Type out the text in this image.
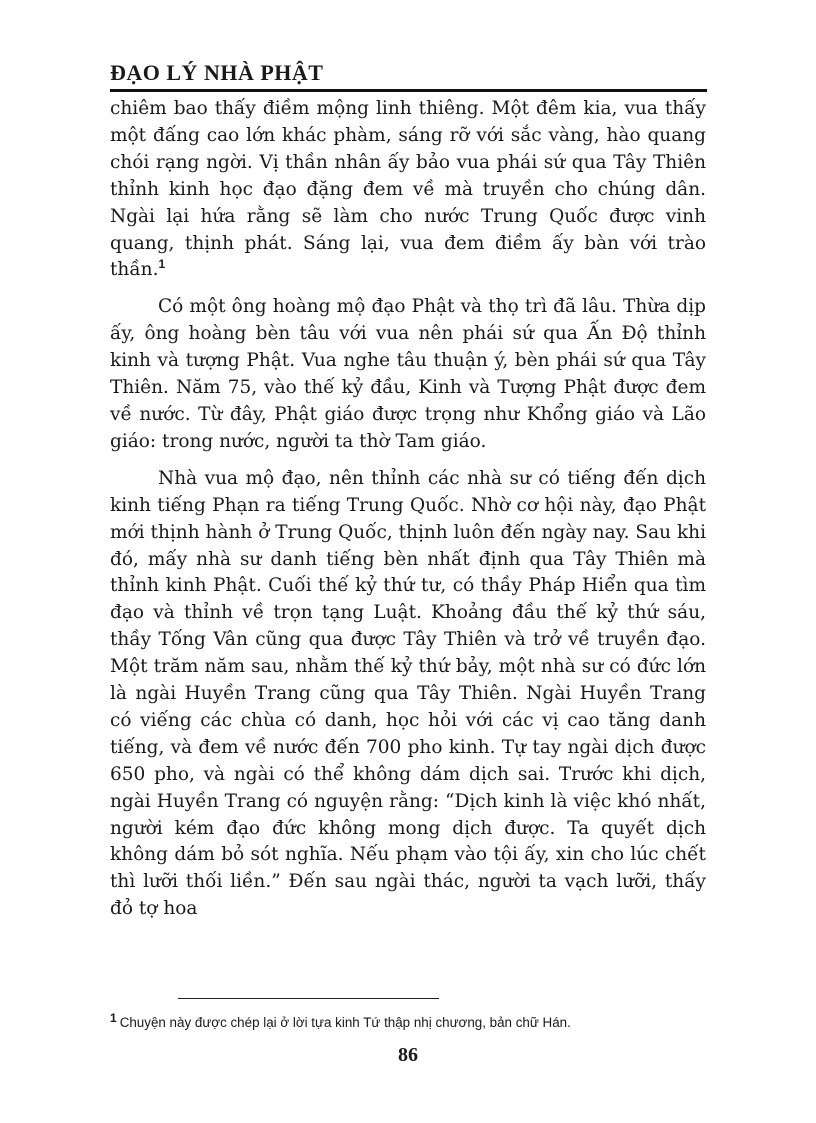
ĐẠO LÝ NHÀ PHẬT

chiêm bao thấy điềm mộng linh thiêng. Một đêm kia, vua thấy một đấng cao lớn khác phàm, sáng rỡ với sắc vàng, hào quang chói rạng ngời. Vị thần nhân ấy bảo vua phái sứ qua Tây Thiên thỉnh kinh học đạo đặng đem về mà truyền cho chúng dân. Ngài lại hứa rằng sẽ làm cho nước Trung Quốc được vinh quang, thịnh phát. Sáng lại, vua đem điềm ấy bàn với trào thần.$^1$

Có một ông hoàng mộ đạo Phật và thọ trì đã lâu. Thừa dịp ấy, ông hoàng bèn tâu với vua nên phái sứ qua Ấn Độ thỉnh kinh và tượng Phật. Vua nghe tâu thuận ý, bèn phái sứ qua Tây Thiên. Năm 75, vào thế kỷ đầu, Kinh và Tượng Phật được đem về nước. Từ đây, Phật giáo được trọng như Khổng giáo và Lão giáo: trong nước, người ta thờ Tam giáo.

Nhà vua mộ đạo, nên thỉnh các nhà sư có tiếng đến dịch kinh tiếng Phạn ra tiếng Trung Quốc. Nhờ cơ hội này, đạo Phật mới thịnh hành ở Trung Quốc, thịnh luôn đến ngày nay. Sau khi đó, mấy nhà sư danh tiếng bèn nhất định qua Tây Thiên mà thỉnh kinh Phật. Cuối thế kỷ thứ tư, có thầy Pháp Hiển qua tìm đạo và thỉnh về trọn tạng Luật. Khoảng đầu thế kỷ thứ sáu, thầy Tống Vân cũng qua được Tây Thiên và trở về truyền đạo. Một trăm năm sau, nhằm thế kỷ thứ bảy, một nhà sư có đức lớn là ngài Huyền Trang cũng qua Tây Thiên. Ngài Huyền Trang có viếng các chùa có danh, học hỏi với các vị cao tăng danh tiếng, và đem về nước đến 700 pho kinh. Tự tay ngài dịch được 650 pho, và ngài có thể không dám dịch sai. Trước khi dịch, ngài Huyền Trang có nguyện rằng: “Dịch kinh là việc khó nhất, người kém đạo đức không mong dịch được. Ta quyết dịch không dám bỏ sót nghĩa. Nếu phạm vào tội ấy, xin cho lúc chết thì lưỡi thối liền.” Đến sau ngài thác, người ta vạch lưỡi, thấy đỏ tợ hoa

1 Chuyện này được chép lại ở lời tựa kinh Tứ thập nhị chương, bản chữ Hán.

86
